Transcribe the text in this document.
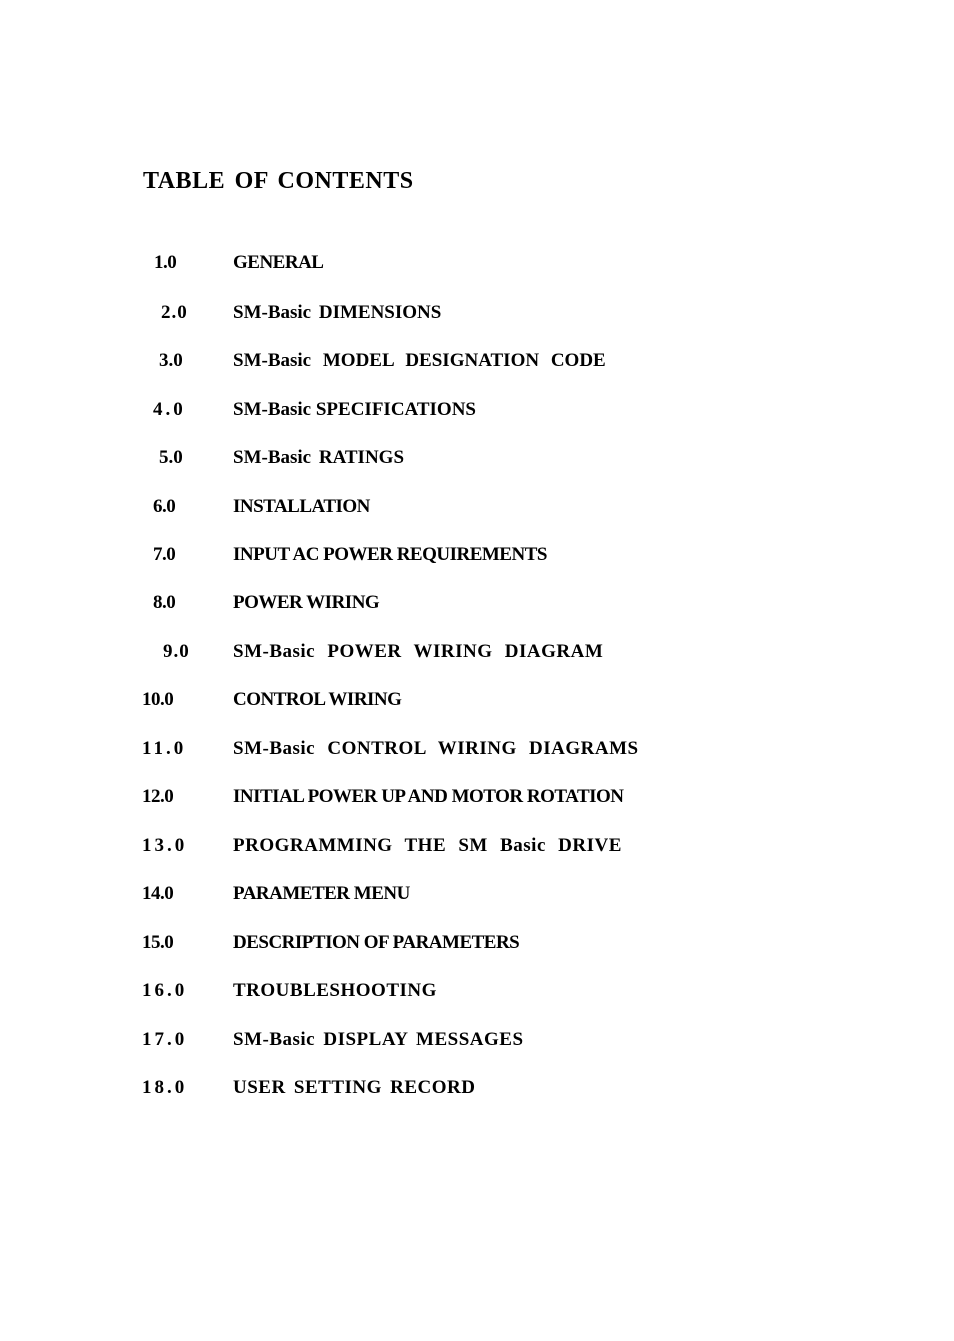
TABLE OF CONTENTS
1.0	GENERAL
2.0 SM-Basic DIMENSIONS
3.0	SM-Basic MODEL DESIGNATION CODE
4.0 SM-Basic SPECIFICATIONS
5.0	SM-Basic RATINGS
6.0	INSTALLATION
7.0	INPUT AC POWER REQUIREMENTS
8.0	POWER WIRING
9.0 SM-Basic POWER WIRING DIAGRAM
10.0	CONTROL WIRING
11.0 SM-Basic CONTROL WIRING DIAGRAMS
12.0	INITIAL POWER UP AND MOTOR ROTATION
13.0 PROGRAMMING THE SM Basic DRIVE
14.0	PARAMETER MENU
15.0	DESCRIPTION OF PARAMETERS
16.0 TROUBLESHOOTING
17.0 SM-Basic DISPLAY MESSAGES
18.0 USER SETTING RECORD
